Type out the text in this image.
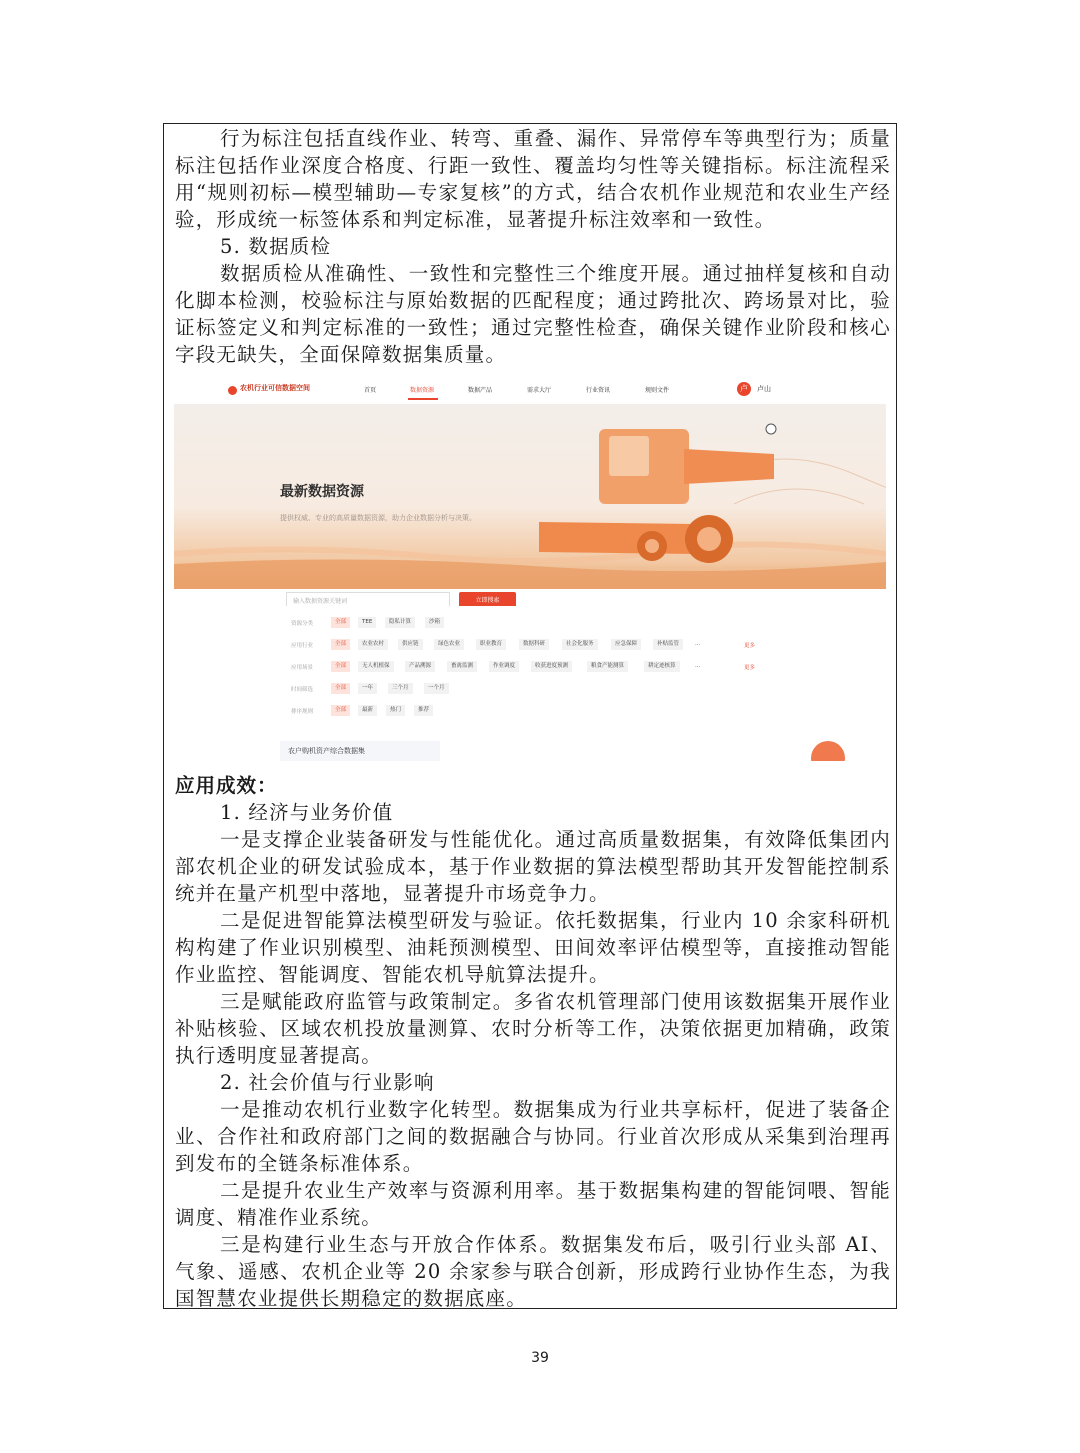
行为标注包括直线作业、转弯、重叠、漏作、异常停车等典型行为；质量标注包括作业深度合格度、行距一致性、覆盖均匀性等关键指标。标注流程采用“规则初标—模型辅助—专家复核”的方式，结合农机作业规范和农业生产经验，形成统一标签体系和判定标准，显著提升标注效率和一致性。
5. 数据质检
数据质检从准确性、一致性和完整性三个维度开展。通过抽样复核和自动化脚本检测，校验标注与原始数据的匹配程度；通过跨批次、跨场景对比，验证标签定义和判定标准的一致性；通过完整性检查，确保关键作业阶段和核心字段无缺失，全面保障数据集质量。
农机行业可信数据空间	首页	数据资源	数据产品	需求大厅	行业资讯	规则文件	卢	卢山
最新数据资源
提供权威、专业的高质量数据资源，助力企业数据分析与决策。
输入数据资源关键词	立即搜索
资源分类	全部	TEE	隐私计算	沙箱
应用行业	全部	农业农村	供应链	绿色农业	职业教育	数据科研	社会化服务	应急保障	补贴监管	...	更多
应用场景	全部	无人机植保	产品溯源	畜禽监测	作业调度	收获进度预测	粮食产能测算	耕定迹核算	...	更多
时间筛选	全部	一年	三个月	一个月
排序规则	全部	最新	热门	推荐
农户购机资产综合数据集
应用成效：
1. 经济与业务价值
一是支撑企业装备研发与性能优化。通过高质量数据集，有效降低集团内部农机企业的研发试验成本，基于作业数据的算法模型帮助其开发智能控制系统并在量产机型中落地，显著提升市场竞争力。
二是促进智能算法模型研发与验证。依托数据集，行业内 10 余家科研机构构建了作业识别模型、油耗预测模型、田间效率评估模型等，直接推动智能作业监控、智能调度、智能农机导航算法提升。
三是赋能政府监管与政策制定。多省农机管理部门使用该数据集开展作业补贴核验、区域农机投放量测算、农时分析等工作，决策依据更加精确，政策执行透明度显著提高。
2. 社会价值与行业影响
一是推动农机行业数字化转型。数据集成为行业共享标杆，促进了装备企业、合作社和政府部门之间的数据融合与协同。行业首次形成从采集到治理再到发布的全链条标准体系。
二是提升农业生产效率与资源利用率。基于数据集构建的智能饲喂、智能调度、精准作业系统。
三是构建行业生态与开放合作体系。数据集发布后，吸引行业头部 AI、气象、遥感、农机企业等 20 余家参与联合创新，形成跨行业协作生态，为我国智慧农业提供长期稳定的数据底座。
39
